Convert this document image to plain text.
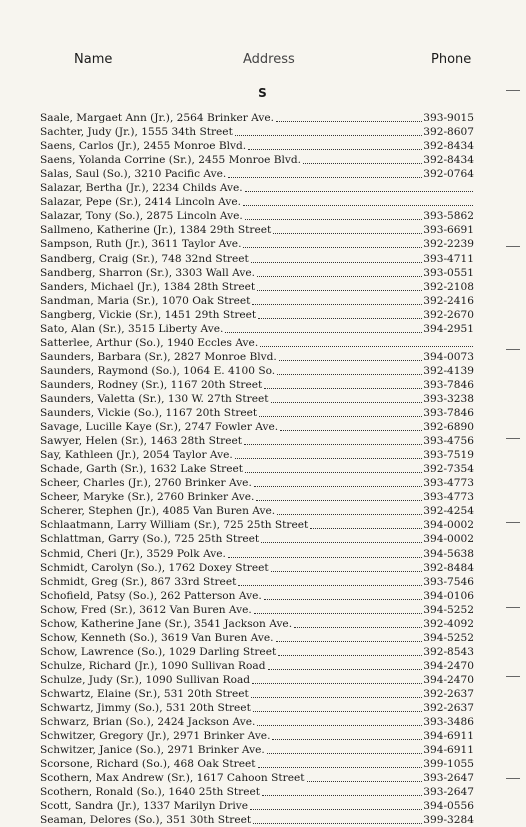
Name	Address	Phone
S
Saale, Margaet Ann (Jr.), 2564 Brinker Ave.	393-9015
Sachter, Judy (Jr.), 1555 34th Street	392-8607
Saens, Carlos (Jr.), 2455 Monroe Blvd.	392-8434
Saens, Yolanda Corrine (Sr.), 2455 Monroe Blvd.	392-8434
Salas, Saul (So.), 3210 Pacific Ave.	392-0764
Salazar, Bertha (Jr.), 2234 Childs Ave.
Salazar, Pepe (Sr.), 2414 Lincoln Ave.
Salazar, Tony (So.), 2875 Lincoln Ave.	393-5862
Sallmeno, Katherine (Jr.), 1384 29th Street	393-6691
Sampson, Ruth (Jr.), 3611 Taylor Ave.	392-2239
Sandberg, Craig (Sr.), 748 32nd Street	393-4711
Sandberg, Sharron (Sr.), 3303 Wall Ave.	393-0551
Sanders, Michael (Jr.), 1384 28th Street	392-2108
Sandman, Maria (Sr.), 1070 Oak Street	392-2416
Sangberg, Vickie (Sr.), 1451 29th Street	392-2670
Sato, Alan (Sr.), 3515 Liberty Ave.	394-2951
Satterlee, Arthur (So.), 1940 Eccles Ave.
Saunders, Barbara (Sr.), 2827 Monroe Blvd.	394-0073
Saunders, Raymond (So.), 1064 E. 4100 So.	392-4139
Saunders, Rodney (Sr.), 1167 20th Street	393-7846
Saunders, Valetta (Sr.), 130 W. 27th Street	393-3238
Saunders, Vickie (So.), 1167 20th Street	393-7846
Savage, Lucille Kaye (Sr.), 2747 Fowler Ave.	392-6890
Sawyer, Helen (Sr.), 1463 28th Street	393-4756
Say, Kathleen (Jr.), 2054 Taylor Ave.	393-7519
Schade, Garth (Sr.), 1632 Lake Street	392-7354
Scheer, Charles (Jr.), 2760 Brinker Ave.	393-4773
Scheer, Maryke (Sr.), 2760 Brinker Ave.	393-4773
Scherer, Stephen (Jr.), 4085 Van Buren Ave.	392-4254
Schlaatmann, Larry William (Sr.), 725 25th Street	394-0002
Schlattman, Garry (So.), 725 25th Street	394-0002
Schmid, Cheri (Jr.), 3529 Polk Ave.	394-5638
Schmidt, Carolyn (So.), 1762 Doxey Street	392-8484
Schmidt, Greg (Sr.), 867 33rd Street	393-7546
Schofield, Patsy (So.), 262 Patterson Ave.	394-0106
Schow, Fred (Sr.), 3612 Van Buren Ave.	394-5252
Schow, Katherine Jane (Sr.), 3541 Jackson Ave.	392-4092
Schow, Kenneth (So.), 3619 Van Buren Ave.	394-5252
Schow, Lawrence (So.), 1029 Darling Street	392-8543
Schulze, Richard (Jr.), 1090 Sullivan Road	394-2470
Schulze, Judy (Sr.), 1090 Sullivan Road	394-2470
Schwartz, Elaine (Sr.), 531 20th Street	392-2637
Schwartz, Jimmy (So.), 531 20th Street	392-2637
Schwarz, Brian (So.), 2424 Jackson Ave.	393-3486
Schwitzer, Gregory (Jr.), 2971 Brinker Ave.	394-6911
Schwitzer, Janice (So.), 2971 Brinker Ave.	394-6911
Scorsone, Richard (So.), 468 Oak Street	399-1055
Scothern, Max Andrew (Sr.), 1617 Cahoon Street	393-2647
Scothern, Ronald (So.), 1640 25th Street	393-2647
Scott, Sandra (Jr.), 1337 Marilyn Drive	394-0556
Seaman, Delores (So.), 351 30th Street	399-3284
